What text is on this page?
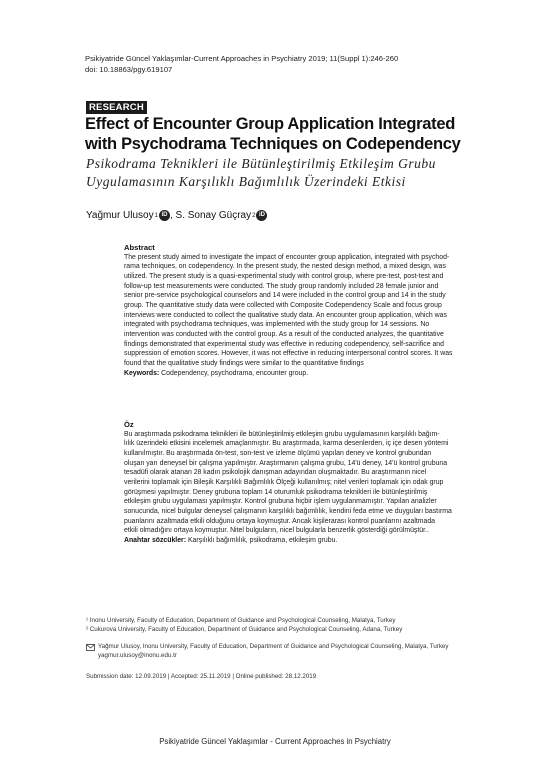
Psikiyatride Güncel Yaklaşımlar-Current Approaches in Psychiatry 2019; 11(Suppl 1):246-260
doi: 10.18863/pgy.619107
RESEARCH
Effect of Encounter Group Application Integrated with Psychodrama Techniques on Codependency
Psikodrama Teknikleri ile Bütünleştirilmiş Etkileşim Grubu Uygulamasının Karşılıklı Bağımlılık Üzerindeki Etkisi
Yağmur Ulusoy 1 iD , S. Sonay Güçray 2 iD
Abstract
The present study aimed to investigate the impact of encounter group application, integrated with psychod-
rama techniques, on codependency. In the present study, the nested design method, a mixed design, was
utilized. The present study is a quasi-experimental study with control group, where pre-test, post-test and
follow-up test measurements were conducted. The study group randomly included 28 female junior and
senior pre-service psychological counselors and 14 were included in the control group and 14 in the study
group. The quantitative study data were collected with Composite Codependency Scale and focus group
interviews were conducted to collect the qualitative study data. An encounter group application, which was
integrated with psychodrama techniques, was implemented with the study group for 14 sessions. No
intervention was conducted with the control group. As a result of the conducted analyzes, the quantitative
findings demonstrated that experimental study was effective in reducing codependency, self-sacrifice and
suppression of emotion scores. However, it was not effective in reducing interpersonal control scores. It was
found that the qualitative study findings were similar to the quantitative findings
Keywords: Codependency, psychodrama, encounter group.
Öz
Bu araştırmada psikodrama teknikleri ile bütünleştirilmiş etkileşim grubu uygulamasının karşılıklı bağım-
lılık üzerindeki etkisini incelemek amaçlanmıştır. Bu araştırmada, karma desenlerden, iç içe desen yöntemi
kullanılmıştır. Bu araştırmada ön-test, son-test ve izleme ölçümü yapılan deney ve kontrol grubundan
oluşan yarı deneysel bir çalışma yapılmıştır. Araştırmanın çalışma grubu, 14'ü deney, 14'ü kontrol grubuna
tesadüfi olarak atanan 28 kadın psikolojik danışman adayından oluşmaktadır. Bu araştırmanın nicel
verilerini toplamak için Bileşik Karşılıklı Bağımlılık Ölçeği kullanılmış; nitel verileri toplamak için odak grup
görüşmesi yapılmıştır. Deney grubuna toplam 14 oturumluk psikodrama teknikleri ile bütünleştirilmiş
etkileşim grubu uygulaması yapılmıştır. Kontrol grubuna hiçbir işlem uygulanmamıştır. Yapılan analizler
sonucunda, nicel bulgular deneysel çalışmanın karşılıklı bağımlılık, kendini feda etme ve duyguları bastırma
puanlarını azaltmada etkili olduğunu ortaya koymuştur. Ancak kişilerarası kontrol puanlarını azaltmada
etkili olmadığını ortaya koymuştur. Nitel bulguların, nicel bulgularla benzerlik gösterdiği görülmüştür..
Anahtar sözcükler: Karşılıklı bağımlılık, psikodrama, etkileşim grubu.
¹ Inonu University, Faculty of Education, Department of Guidance and Psychological Counseling, Malatya, Turkey
² Cukurova University, Faculty of Education, Department of Guidance and Psychological Counseling, Adana, Turkey
Yağmur Ulusoy, Inonu University, Faculty of Education, Department of Guidance and Psychological Counseling, Malatya, Turkey
yagmur.ulusoy@inonu.edu.tr
Submission date: 12.09.2019 | Accepted: 25.11.2019 | Online published: 28.12.2019
Psikiyatride Güncel Yaklaşımlar - Current Approaches in Psychiatry
